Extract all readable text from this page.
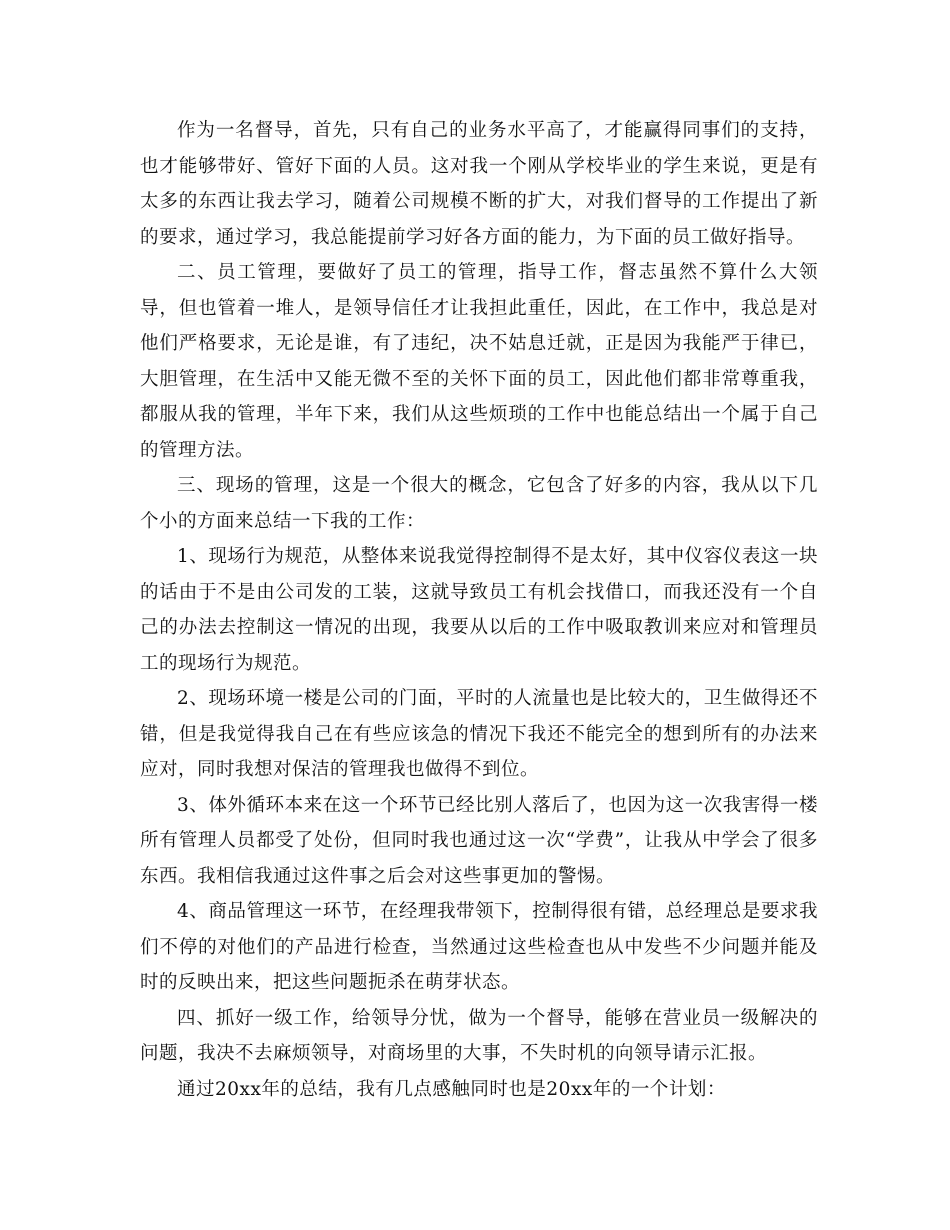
作为一名督导，首先，只有自己的业务水平高了，才能赢得同事们的支持，也才能够带好、管好下面的人员。这对我一个刚从学校毕业的学生来说，更是有太多的东西让我去学习，随着公司规模不断的扩大，对我们督导的工作提出了新的要求，通过学习，我总能提前学习好各方面的能力，为下面的员工做好指导。

二、员工管理，要做好了员工的管理，指导工作，督志虽然不算什么大领导，但也管着一堆人，是领导信任才让我担此重任，因此，在工作中，我总是对他们严格要求，无论是谁，有了违纪，决不姑息迁就，正是因为我能严于律已，大胆管理，在生活中又能无微不至的关怀下面的员工，因此他们都非常尊重我，都服从我的管理，半年下来，我们从这些烦琐的工作中也能总结出一个属于自己的管理方法。

三、现场的管理，这是一个很大的概念，它包含了好多的内容，我从以下几个小的方面来总结一下我的工作：

1、现场行为规范，从整体来说我觉得控制得不是太好，其中仪容仪表这一块的话由于不是由公司发的工装，这就导致员工有机会找借口，而我还没有一个自己的办法去控制这一情况的出现，我要从以后的工作中吸取教训来应对和管理员工的现场行为规范。

2、现场环境一楼是公司的门面，平时的人流量也是比较大的，卫生做得还不错，但是我觉得我自己在有些应该急的情况下我还不能完全的想到所有的办法来应对，同时我想对保洁的管理我也做得不到位。

3、体外循环本来在这一个环节已经比别人落后了，也因为这一次我害得一楼所有管理人员都受了处份，但同时我也通过这一次“学费”，让我从中学会了很多东西。我相信我通过这件事之后会对这些事更加的警惕。

4、商品管理这一环节，在经理我带领下，控制得很有错，总经理总是要求我们不停的对他们的产品进行检查，当然通过这些检查也从中发些不少问题并能及时的反映出来，把这些问题扼杀在萌芽状态。

四、抓好一级工作，给领导分忧，做为一个督导，能够在营业员一级解决的问题，我决不去麻烦领导，对商场里的大事，不失时机的向领导请示汇报。

通过20xx年的总结，我有几点感触同时也是20xx年的一个计划：
